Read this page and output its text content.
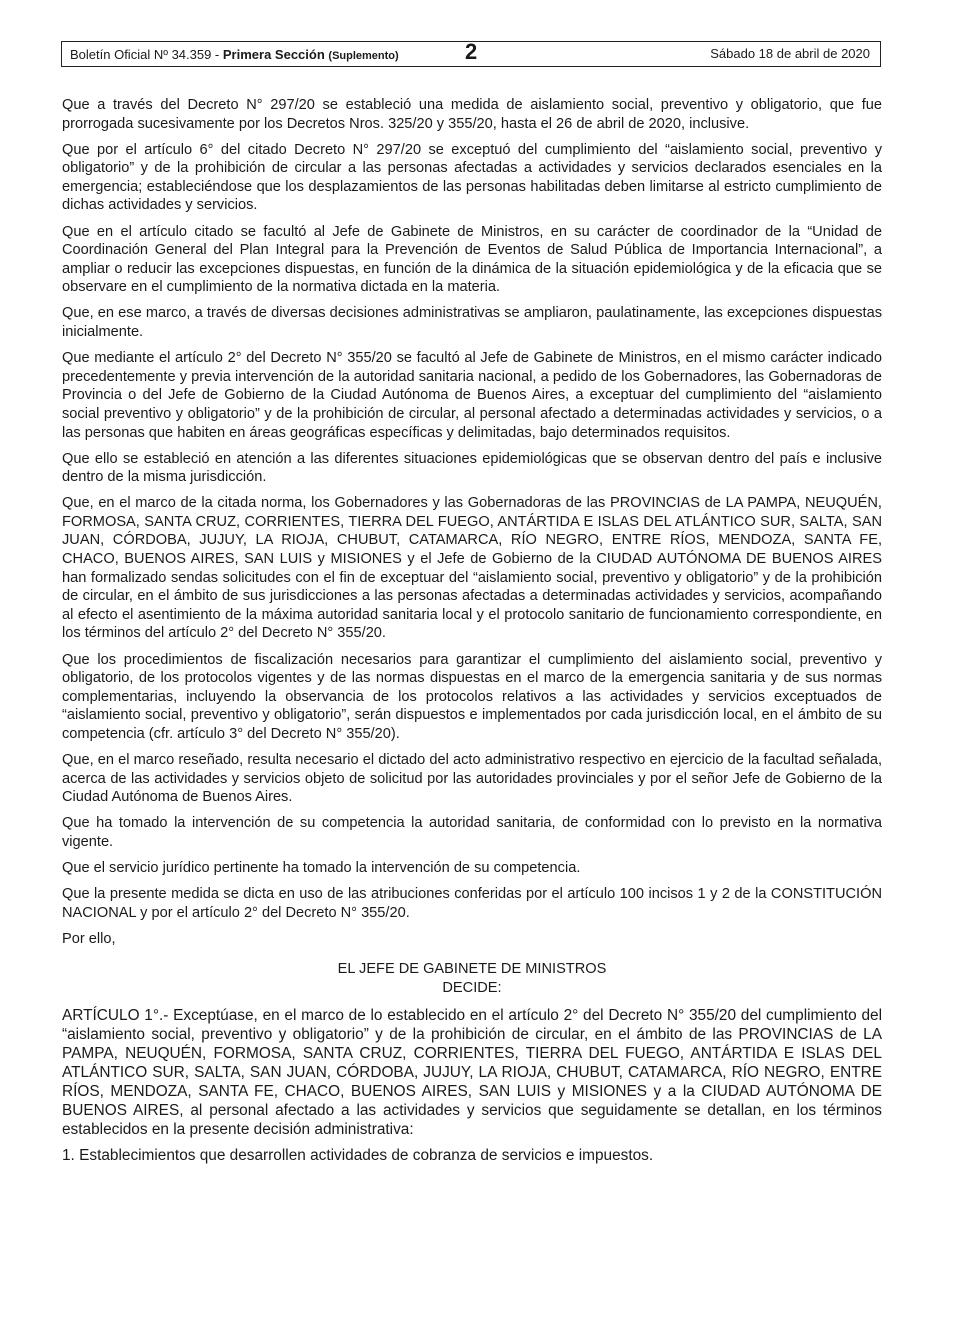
Boletín Oficial Nº 34.359 - Primera Sección (Suplemento)	2	Sábado 18 de abril de 2020

Que a través del Decreto N° 297/20 se estableció una medida de aislamiento social, preventivo y obligatorio, que fue prorrogada sucesivamente por los Decretos Nros. 325/20 y 355/20, hasta el 26 de abril de 2020, inclusive.

Que por el artículo 6° del citado Decreto N° 297/20 se exceptuó del cumplimiento del “aislamiento social, preventivo y obligatorio” y de la prohibición de circular a las personas afectadas a actividades y servicios declarados esenciales en la emergencia; estableciéndose que los desplazamientos de las personas habilitadas deben limitarse al estricto cumplimiento de dichas actividades y servicios.

Que en el artículo citado se facultó al Jefe de Gabinete de Ministros, en su carácter de coordinador de la “Unidad de Coordinación General del Plan Integral para la Prevención de Eventos de Salud Pública de Importancia Internacional”, a ampliar o reducir las excepciones dispuestas, en función de la dinámica de la situación epidemiológica y de la eficacia que se observare en el cumplimiento de la normativa dictada en la materia.

Que, en ese marco, a través de diversas decisiones administrativas se ampliaron, paulatinamente, las excepciones dispuestas inicialmente.

Que mediante el artículo 2° del Decreto N° 355/20 se facultó al Jefe de Gabinete de Ministros, en el mismo carácter indicado precedentemente y previa intervención de la autoridad sanitaria nacional, a pedido de los Gobernadores, las Gobernadoras de Provincia o del Jefe de Gobierno de la Ciudad Autónoma de Buenos Aires, a exceptuar del cumplimiento del “aislamiento social preventivo y obligatorio” y de la prohibición de circular, al personal afectado a determinadas actividades y servicios, o a las personas que habiten en áreas geográficas específicas y delimitadas, bajo determinados requisitos.

Que ello se estableció en atención a las diferentes situaciones epidemiológicas que se observan dentro del país e inclusive dentro de la misma jurisdicción.

Que, en el marco de la citada norma, los Gobernadores y las Gobernadoras de las PROVINCIAS de LA PAMPA, NEUQUÉN, FORMOSA, SANTA CRUZ, CORRIENTES, TIERRA DEL FUEGO, ANTÁRTIDA E ISLAS DEL ATLÁNTICO SUR, SALTA, SAN JUAN, CÓRDOBA, JUJUY, LA RIOJA, CHUBUT, CATAMARCA, RÍO NEGRO, ENTRE RÍOS, MENDOZA, SANTA FE, CHACO, BUENOS AIRES, SAN LUIS y MISIONES y el Jefe de Gobierno de la CIUDAD AUTÓNOMA DE BUENOS AIRES han formalizado sendas solicitudes con el fin de exceptuar del “aislamiento social, preventivo y obligatorio” y de la prohibición de circular, en el ámbito de sus jurisdicciones a las personas afectadas a determinadas actividades y servicios, acompañando al efecto el asentimiento de la máxima autoridad sanitaria local y el protocolo sanitario de funcionamiento correspondiente, en los términos del artículo 2° del Decreto N° 355/20.

Que los procedimientos de fiscalización necesarios para garantizar el cumplimiento del aislamiento social, preventivo y obligatorio, de los protocolos vigentes y de las normas dispuestas en el marco de la emergencia sanitaria y de sus normas complementarias, incluyendo la observancia de los protocolos relativos a las actividades y servicios exceptuados de “aislamiento social, preventivo y obligatorio”, serán dispuestos e implementados por cada jurisdicción local, en el ámbito de su competencia (cfr. artículo 3° del Decreto N° 355/20).

Que, en el marco reseñado, resulta necesario el dictado del acto administrativo respectivo en ejercicio de la facultad señalada, acerca de las actividades y servicios objeto de solicitud por las autoridades provinciales y por el señor Jefe de Gobierno de la Ciudad Autónoma de Buenos Aires.

Que ha tomado la intervención de su competencia la autoridad sanitaria, de conformidad con lo previsto en la normativa vigente.

Que el servicio jurídico pertinente ha tomado la intervención de su competencia.

Que la presente medida se dicta en uso de las atribuciones conferidas por el artículo 100 incisos 1 y 2 de la CONSTITUCIÓN NACIONAL y por el artículo 2° del Decreto N° 355/20.

Por ello,

EL JEFE DE GABINETE DE MINISTROS

DECIDE:

ARTÍCULO 1°.- Exceptúase, en el marco de lo establecido en el artículo 2° del Decreto N° 355/20 del cumplimiento del “aislamiento social, preventivo y obligatorio” y de la prohibición de circular, en el ámbito de las PROVINCIAS de LA PAMPA, NEUQUÉN, FORMOSA, SANTA CRUZ, CORRIENTES, TIERRA DEL FUEGO, ANTÁRTIDA E ISLAS DEL ATLÁNTICO SUR, SALTA, SAN JUAN, CÓRDOBA, JUJUY, LA RIOJA, CHUBUT, CATAMARCA, RÍO NEGRO, ENTRE RÍOS, MENDOZA, SANTA FE, CHACO, BUENOS AIRES, SAN LUIS y MISIONES y a la CIUDAD AUTÓNOMA DE BUENOS AIRES, al personal afectado a las actividades y servicios que seguidamente se detallan, en los términos establecidos en la presente decisión administrativa:

1. Establecimientos que desarrollen actividades de cobranza de servicios e impuestos.
